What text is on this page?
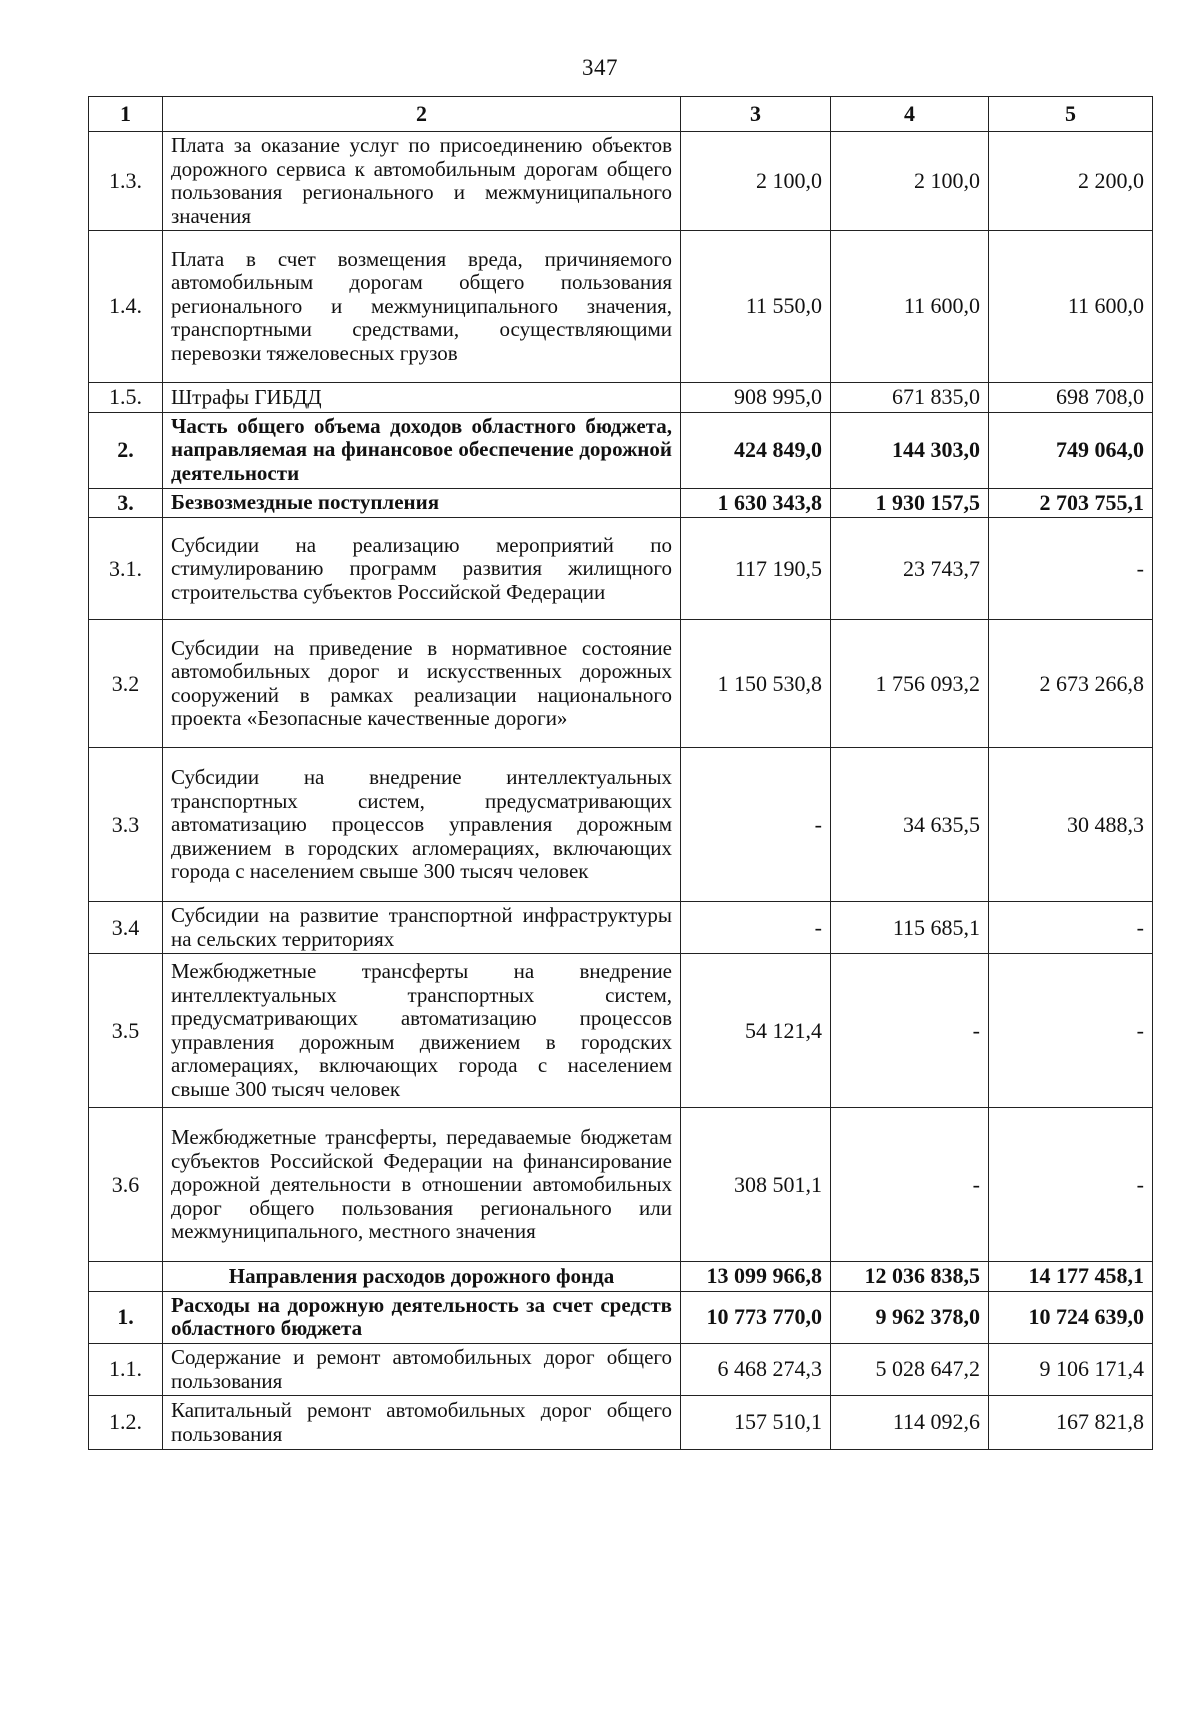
347
1	2	3	4	5
1.3.	Плата за оказание услуг по присоединению объектов дорожного сервиса к автомобильным дорогам общего пользования регионального и межмуниципального значения	2 100,0	2 100,0	2 200,0
1.4.	Плата в счет возмещения вреда, причиняемого автомобильным дорогам общего пользования регионального и межмуниципального значения, транспортными средствами, осуществляющими перевозки тяжеловесных грузов	11 550,0	11 600,0	11 600,0
1.5.	Штрафы ГИБДД	908 995,0	671 835,0	698 708,0
2.	Часть общего объема доходов областного бюджета, направляемая на финансовое обеспечение дорожной деятельности	424 849,0	144 303,0	749 064,0
3.	Безвозмездные поступления	1 630 343,8	1 930 157,5	2 703 755,1
3.1.	Субсидии на реализацию мероприятий по стимулированию программ развития жилищного строительства субъектов Российской Федерации	117 190,5	23 743,7	-
3.2	Субсидии на приведение в нормативное состояние автомобильных дорог и искусственных дорожных сооружений в рамках реализации национального проекта «Безопасные качественные дороги»	1 150 530,8	1 756 093,2	2 673 266,8
3.3	Субсидии на внедрение интеллектуальных транспортных систем, предусматривающих автоматизацию процессов управления дорожным движением в городских агломерациях, включающих города с населением свыше 300 тысяч человек	-	34 635,5	30 488,3
3.4	Субсидии на развитие транспортной инфраструктуры на сельских территориях	-	115 685,1	-
3.5	Межбюджетные трансферты на внедрение интеллектуальных транспортных систем, предусматривающих автоматизацию процессов управления дорожным движением в городских агломерациях, включающих города с населением свыше 300 тысяч человек	54 121,4	-	-
3.6	Межбюджетные трансферты, передаваемые бюджетам субъектов Российской Федерации на финансирование дорожной деятельности в отношении автомобильных дорог общего пользования регионального или межмуниципального, местного значения	308 501,1	-	-
	Направления расходов дорожного фонда	13 099 966,8	12 036 838,5	14 177 458,1
1.	Расходы на дорожную деятельность за счет средств областного бюджета	10 773 770,0	9 962 378,0	10 724 639,0
1.1.	Содержание и ремонт автомобильных дорог общего пользования	6 468 274,3	5 028 647,2	9 106 171,4
1.2.	Капитальный ремонт автомобильных дорог общего пользования	157 510,1	114 092,6	167 821,8
